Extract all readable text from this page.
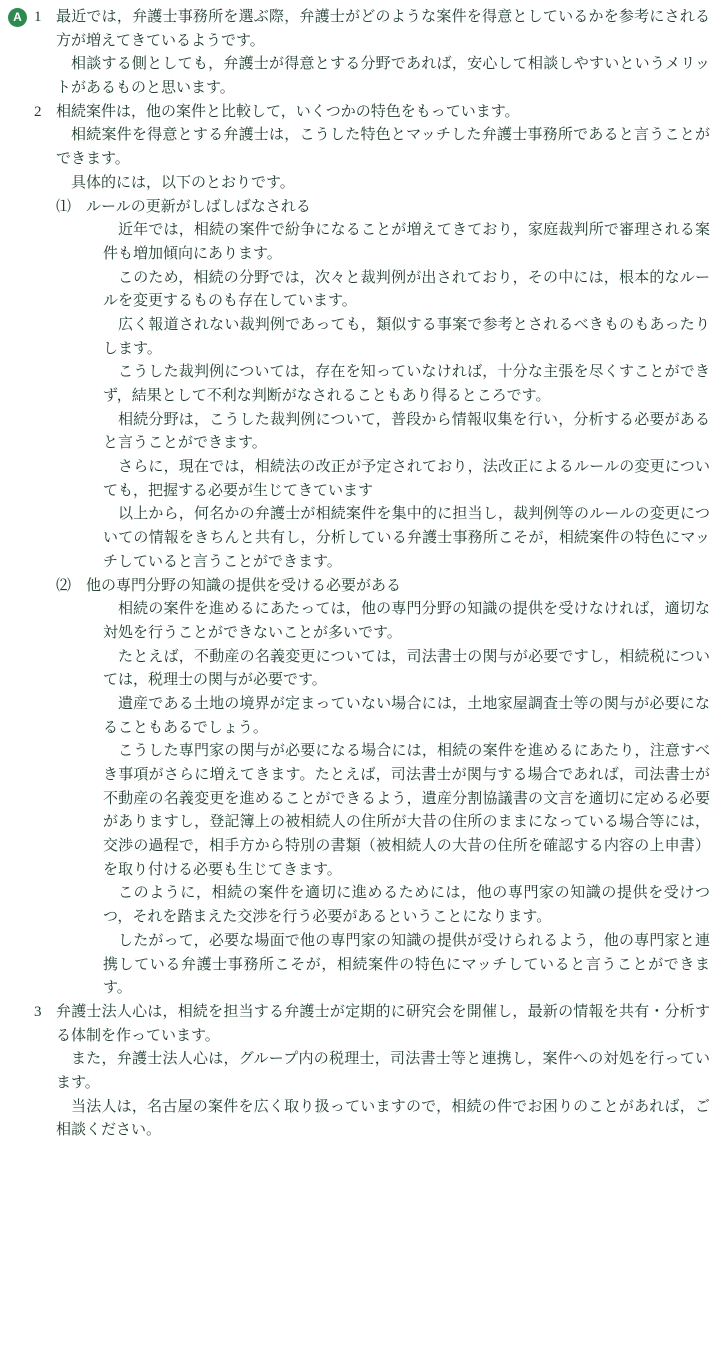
A 1 最近では，弁護士事務所を選ぶ際，弁護士がどのような案件を得意としているかを参考にされる方が増えてきているようです。

相談する側としても，弁護士が得意とする分野であれば，安心して相談しやすいというメリットがあるものと思います。

2 相続案件は，他の案件と比較して，いくつかの特色をもっています。

相続案件を得意とする弁護士は，こうした特色とマッチした弁護士事務所であると言うことができます。

具体的には，以下のとおりです。

⑴ ルールの更新がしばしばなされる

近年では，相続の案件で紛争になることが増えてきており，家庭裁判所で審理される案件も増加傾向にあります。

このため，相続の分野では，次々と裁判例が出されており，その中には，根本的なルールを変更するものも存在しています。

広く報道されない裁判例であっても，類似する事案で参考とされるべきものもあったりします。

こうした裁判例については，存在を知っていなければ，十分な主張を尽くすことができず，結果として不利な判断がなされることもあり得るところです。

相続分野は，こうした裁判例について，普段から情報収集を行い，分析する必要があると言うことができます。

さらに，現在では，相続法の改正が予定されており，法改正によるルールの変更についても，把握する必要が生じてきています

以上から，何名かの弁護士が相続案件を集中的に担当し，裁判例等のルールの変更についての情報をきちんと共有し，分析している弁護士事務所こそが，相続案件の特色にマッチしていると言うことができます。

⑵ 他の専門分野の知識の提供を受ける必要がある

相続の案件を進めるにあたっては，他の専門分野の知識の提供を受けなければ，適切な対処を行うことができないことが多いです。

たとえば，不動産の名義変更については，司法書士の関与が必要ですし，相続税については，税理士の関与が必要です。

遺産である土地の境界が定まっていない場合には，土地家屋調査士等の関与が必要になることもあるでしょう。

こうした専門家の関与が必要になる場合には，相続の案件を進めるにあたり，注意すべき事項がさらに増えてきます。たとえば，司法書士が関与する場合であれば，司法書士が不動産の名義変更を進めることができるよう，遺産分割協議書の文言を適切に定める必要がありますし，登記簿上の被相続人の住所が大昔の住所のままになっている場合等には，交渉の過程で，相手方から特別の書類（被相続人の大昔の住所を確認する内容の上申書）を取り付ける必要も生じてきます。

このように，相続の案件を適切に進めるためには，他の専門家の知識の提供を受けつつ，それを踏まえた交渉を行う必要があるということになります。

したがって，必要な場面で他の専門家の知識の提供が受けられるよう，他の専門家と連携している弁護士事務所こそが，相続案件の特色にマッチしていると言うことができます。

3 弁護士法人心は，相続を担当する弁護士が定期的に研究会を開催し，最新の情報を共有・分析する体制を作っています。

また，弁護士法人心は，グループ内の税理士，司法書士等と連携し，案件への対処を行っています。

当法人は，名古屋の案件を広く取り扱っていますので，相続の件でお困りのことがあれば，ご相談ください。
